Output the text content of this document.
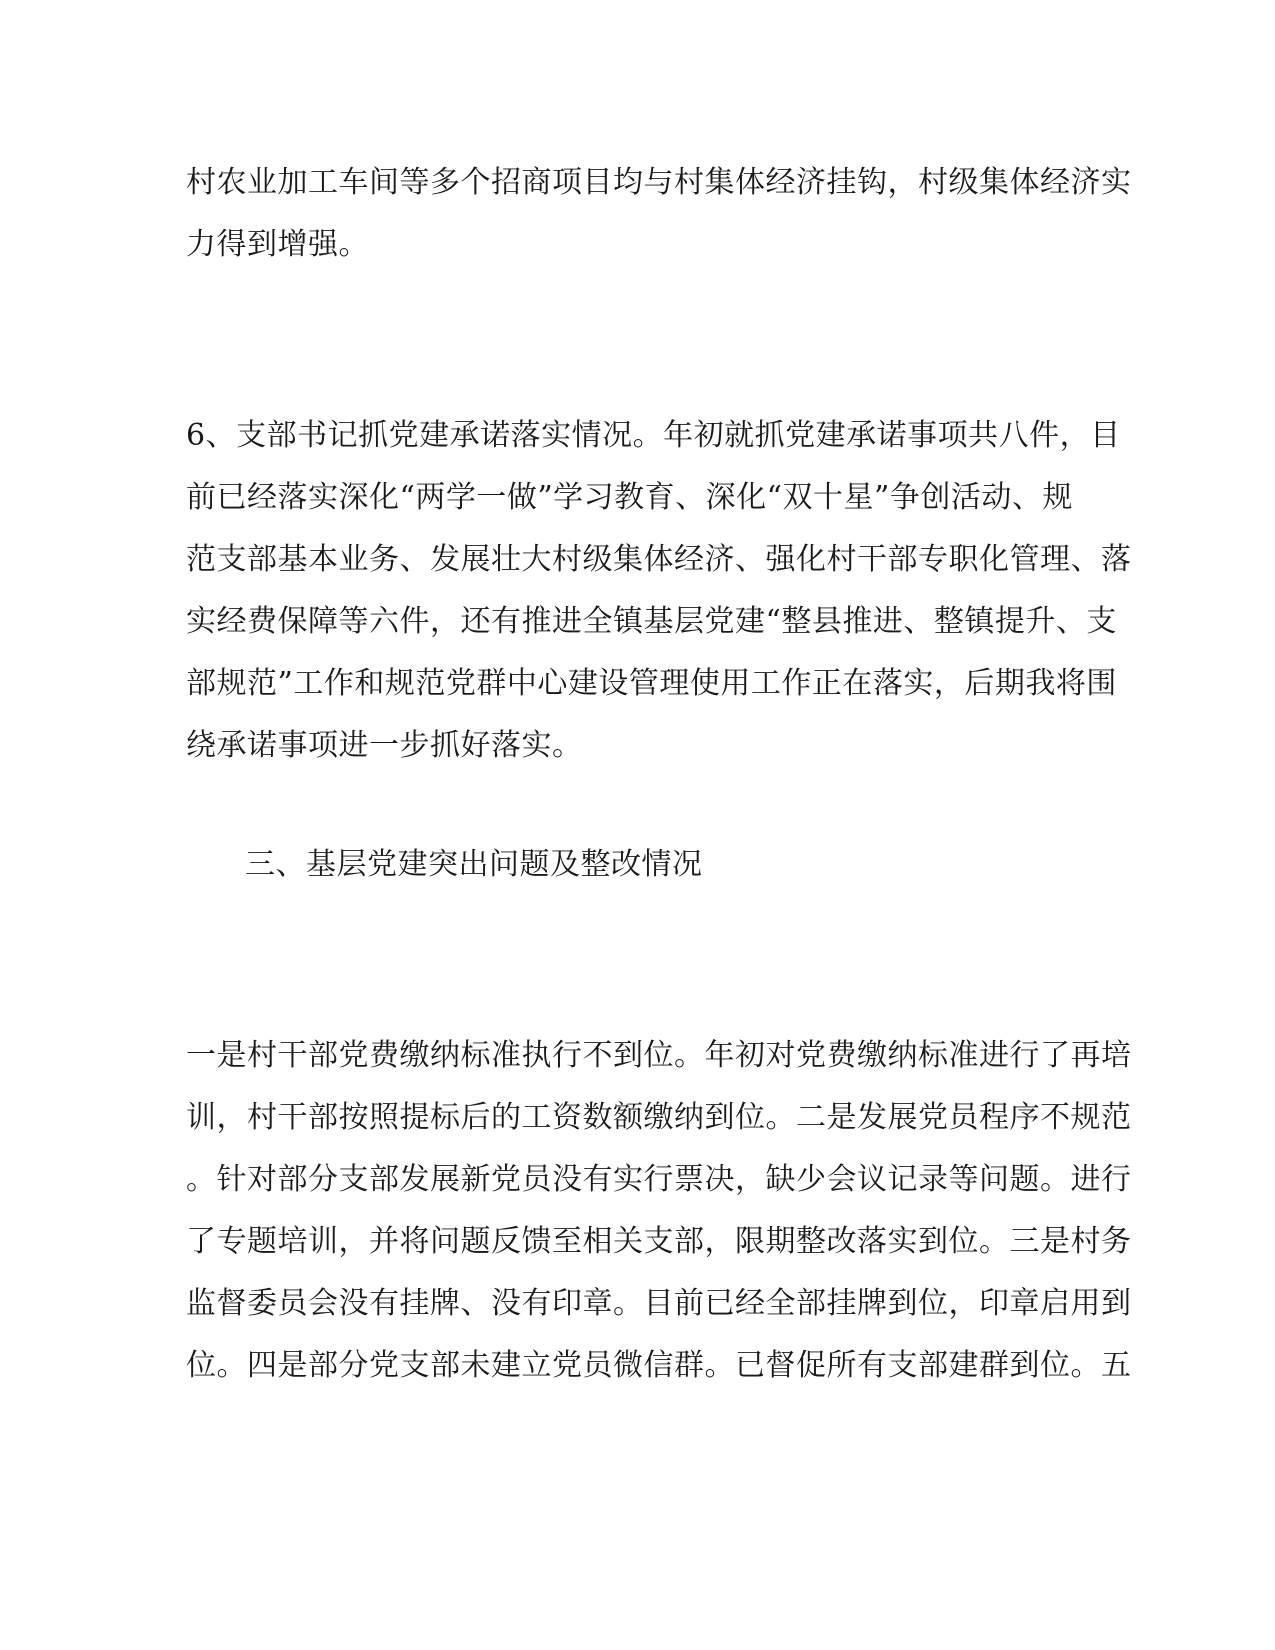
村农业加工车间等多个招商项目均与村集体经济挂钩，村级集体经济实
力得到增强。
6、支部书记抓党建承诺落实情况。年初就抓党建承诺事项共八件，目
前已经落实深化“两学一做”学习教育、深化“双十星”争创活动、规
范支部基本业务、发展壮大村级集体经济、强化村干部专职化管理、落
实经费保障等六件，还有推进全镇基层党建“整县推进、整镇提升、支
部规范”工作和规范党群中心建设管理使用工作正在落实，后期我将围
绕承诺事项进一步抓好落实。
三、基层党建突出问题及整改情况
一是村干部党费缴纳标准执行不到位。年初对党费缴纳标准进行了再培
训，村干部按照提标后的工资数额缴纳到位。二是发展党员程序不规范
。针对部分支部发展新党员没有实行票决，缺少会议记录等问题。进行
了专题培训，并将问题反馈至相关支部，限期整改落实到位。三是村务
监督委员会没有挂牌、没有印章。目前已经全部挂牌到位，印章启用到
位。四是部分党支部未建立党员微信群。已督促所有支部建群到位。五
